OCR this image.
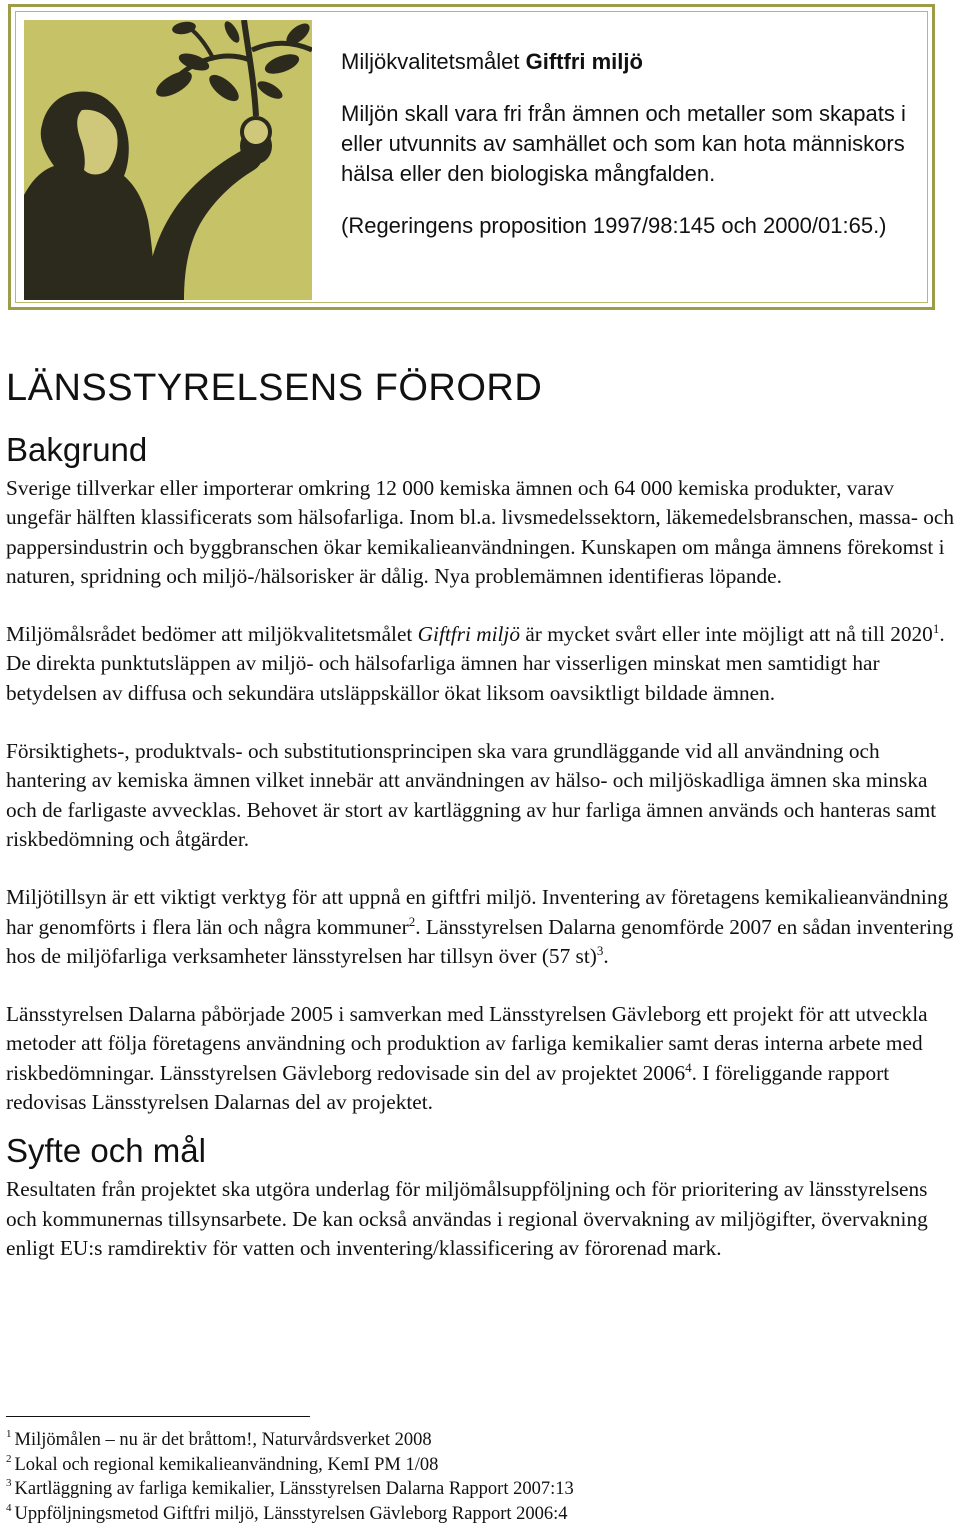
Miljökvalitetsmålet Giftfri miljö

Miljön skall vara fri från ämnen och metaller som skapats i eller utvunnits av samhället och som kan hota människors hälsa eller den biologiska mångfalden.

(Regeringens proposition 1997/98:145 och 2000/01:65.)

LÄNSSTYRELSENS FÖRORD
Bakgrund

Sverige tillverkar eller importerar omkring 12 000 kemiska ämnen och 64 000 kemiska produkter, varav ungefär hälften klassificerats som hälsofarliga. Inom bl.a. livsmedelssektorn, läkemedelsbranschen, massa- och pappersindustrin och byggbranschen ökar kemikalieanvändningen. Kunskapen om många ämnens förekomst i naturen, spridning och miljö-/hälsorisker är dålig. Nya problemämnen identifieras löpande.

Miljömålsrådet bedömer att miljökvalitetsmålet Giftfri miljö är mycket svårt eller inte möjligt att nå till 2020$^1$. De direkta punktutsläppen av miljö- och hälsofarliga ämnen har visserligen minskat men samtidigt har betydelsen av diffusa och sekundära utsläppskällor ökat liksom oavsiktligt bildade ämnen.

Försiktighets-, produktvals- och substitutionsprincipen ska vara grundläggande vid all användning och hantering av kemiska ämnen vilket innebär att användningen av hälso- och miljöskadliga ämnen ska minska och de farligaste avvecklas. Behovet är stort av kartläggning av hur farliga ämnen används och hanteras samt riskbedömning och åtgärder.

Miljötillsyn är ett viktigt verktyg för att uppnå en giftfri miljö. Inventering av företagens kemikalieanvändning har genomförts i flera län och några kommuner$^2$. Länsstyrelsen Dalarna genomförde 2007 en sådan inventering hos de miljöfarliga verksamheter länsstyrelsen har tillsyn över (57 st)$^3$.

Länsstyrelsen Dalarna påbörjade 2005 i samverkan med Länsstyrelsen Gävleborg ett projekt för att utveckla metoder att följa företagens användning och produktion av farliga kemikalier samt deras interna arbete med riskbedömningar. Länsstyrelsen Gävleborg redovisade sin del av projektet 2006$^4$. I föreliggande rapport redovisas Länsstyrelsen Dalarnas del av projektet.

Syfte och mål

Resultaten från projektet ska utgöra underlag för miljömålsuppföljning och för prioritering av länsstyrelsens och kommunernas tillsynsarbete. De kan också användas i regional övervakning av miljögifter, övervakning enligt EU:s ramdirektiv för vatten och inventering/klassificering av förorenad mark.

$^1$ Miljömålen – nu är det bråttom!, Naturvårdsverket 2008

$^2$ Lokal och regional kemikalieanvändning, KemI PM 1/08

$^3$ Kartläggning av farliga kemikalier, Länsstyrelsen Dalarna Rapport 2007:13

$^4$ Uppföljningsmetod Giftfri miljö, Länsstyrelsen Gävleborg Rapport 2006:4
